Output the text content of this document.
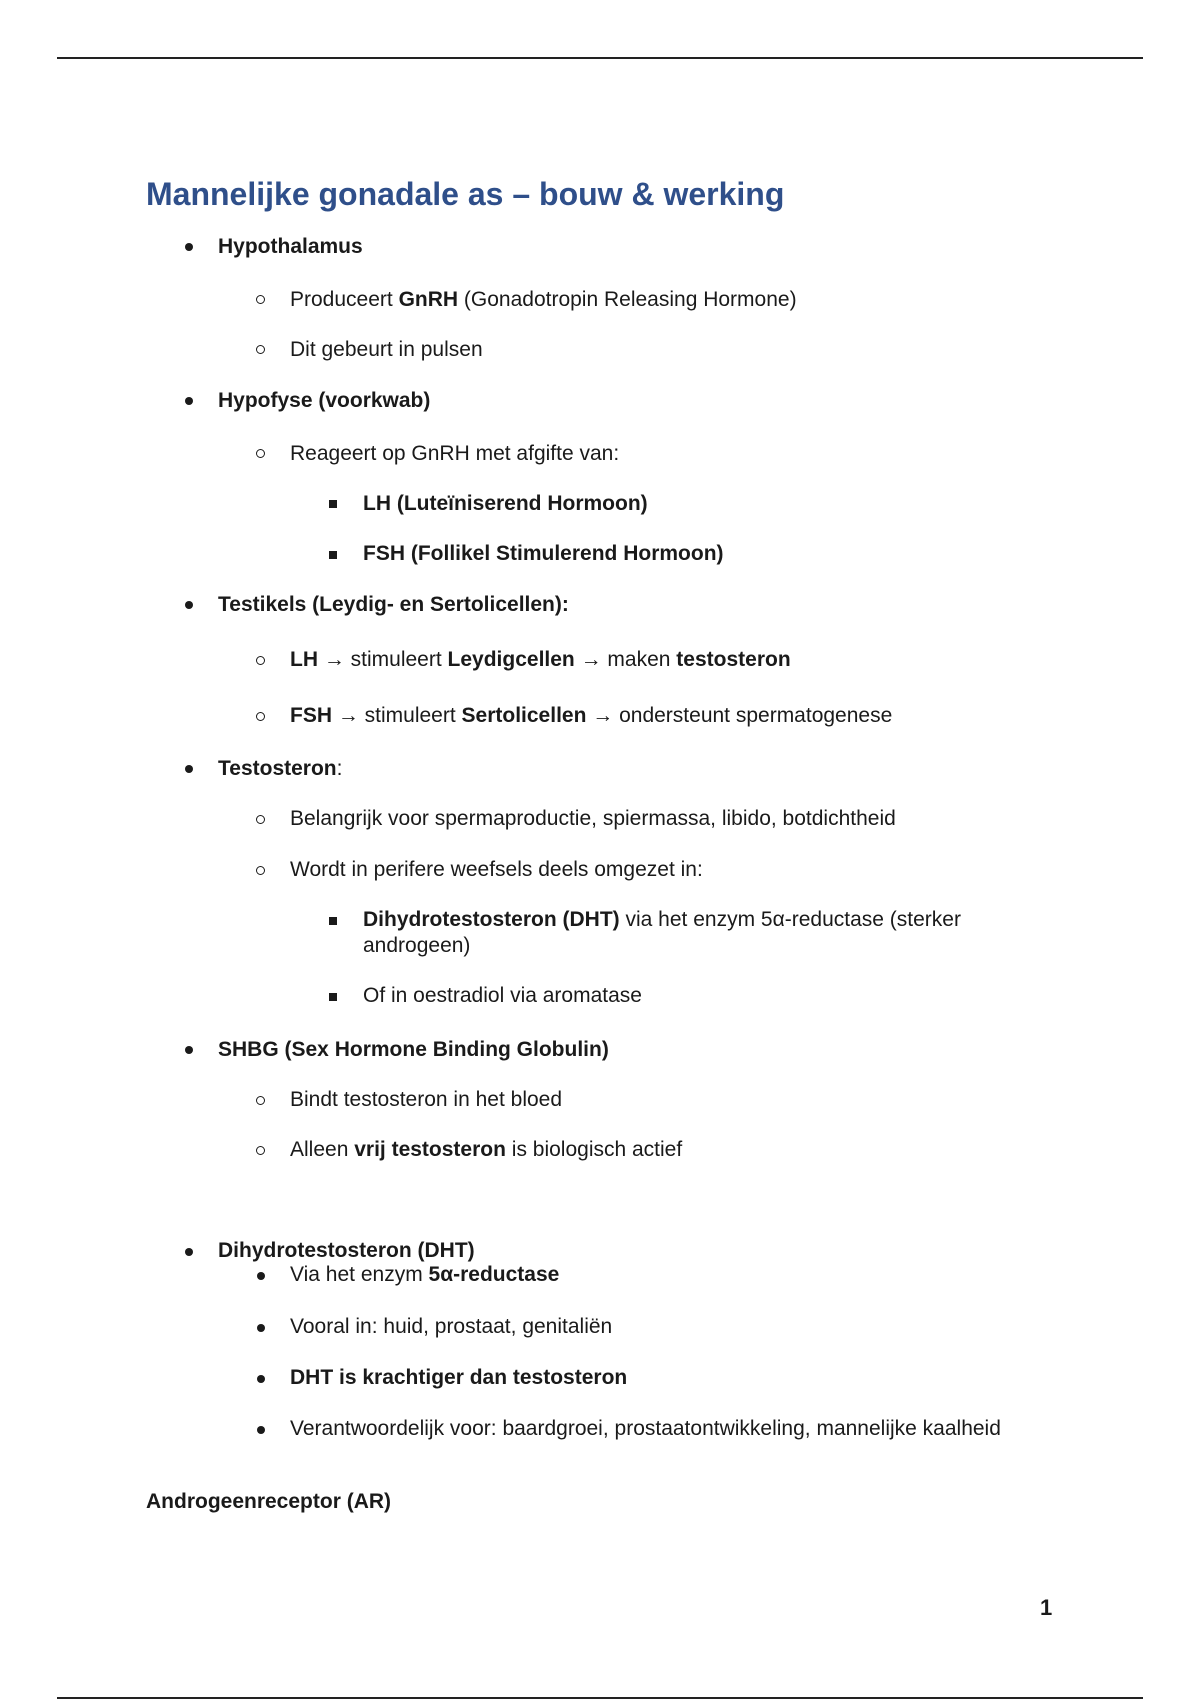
Mannelijke gonadale as – bouw & werking
Hypothalamus
Produceert GnRH (Gonadotropin Releasing Hormone)
Dit gebeurt in pulsen
Hypofyse (voorkwab)
Reageert op GnRH met afgifte van:
LH (Luteïniserend Hormoon)
FSH (Follikel Stimulerend Hormoon)
Testikels (Leydig- en Sertolicellen):
LH → stimuleert Leydigcellen → maken testosteron
FSH → stimuleert Sertolicellen → ondersteunt spermatogenese
Testosteron:
Belangrijk voor spermaproductie, spiermassa, libido, botdichtheid
Wordt in perifere weefsels deels omgezet in:
Dihydrotestosteron (DHT) via het enzym 5α-reductase (sterker androgeen)
Of in oestradiol via aromatase
SHBG (Sex Hormone Binding Globulin)
Bindt testosteron in het bloed
Alleen vrij testosteron is biologisch actief
Dihydrotestosteron (DHT)
Via het enzym 5α-reductase
Vooral in: huid, prostaat, genitaliën
DHT is krachtiger dan testosteron
Verantwoordelijk voor: baardgroei, prostaatontwikkeling, mannelijke kaalheid
Androgeenreceptor (AR)
1
